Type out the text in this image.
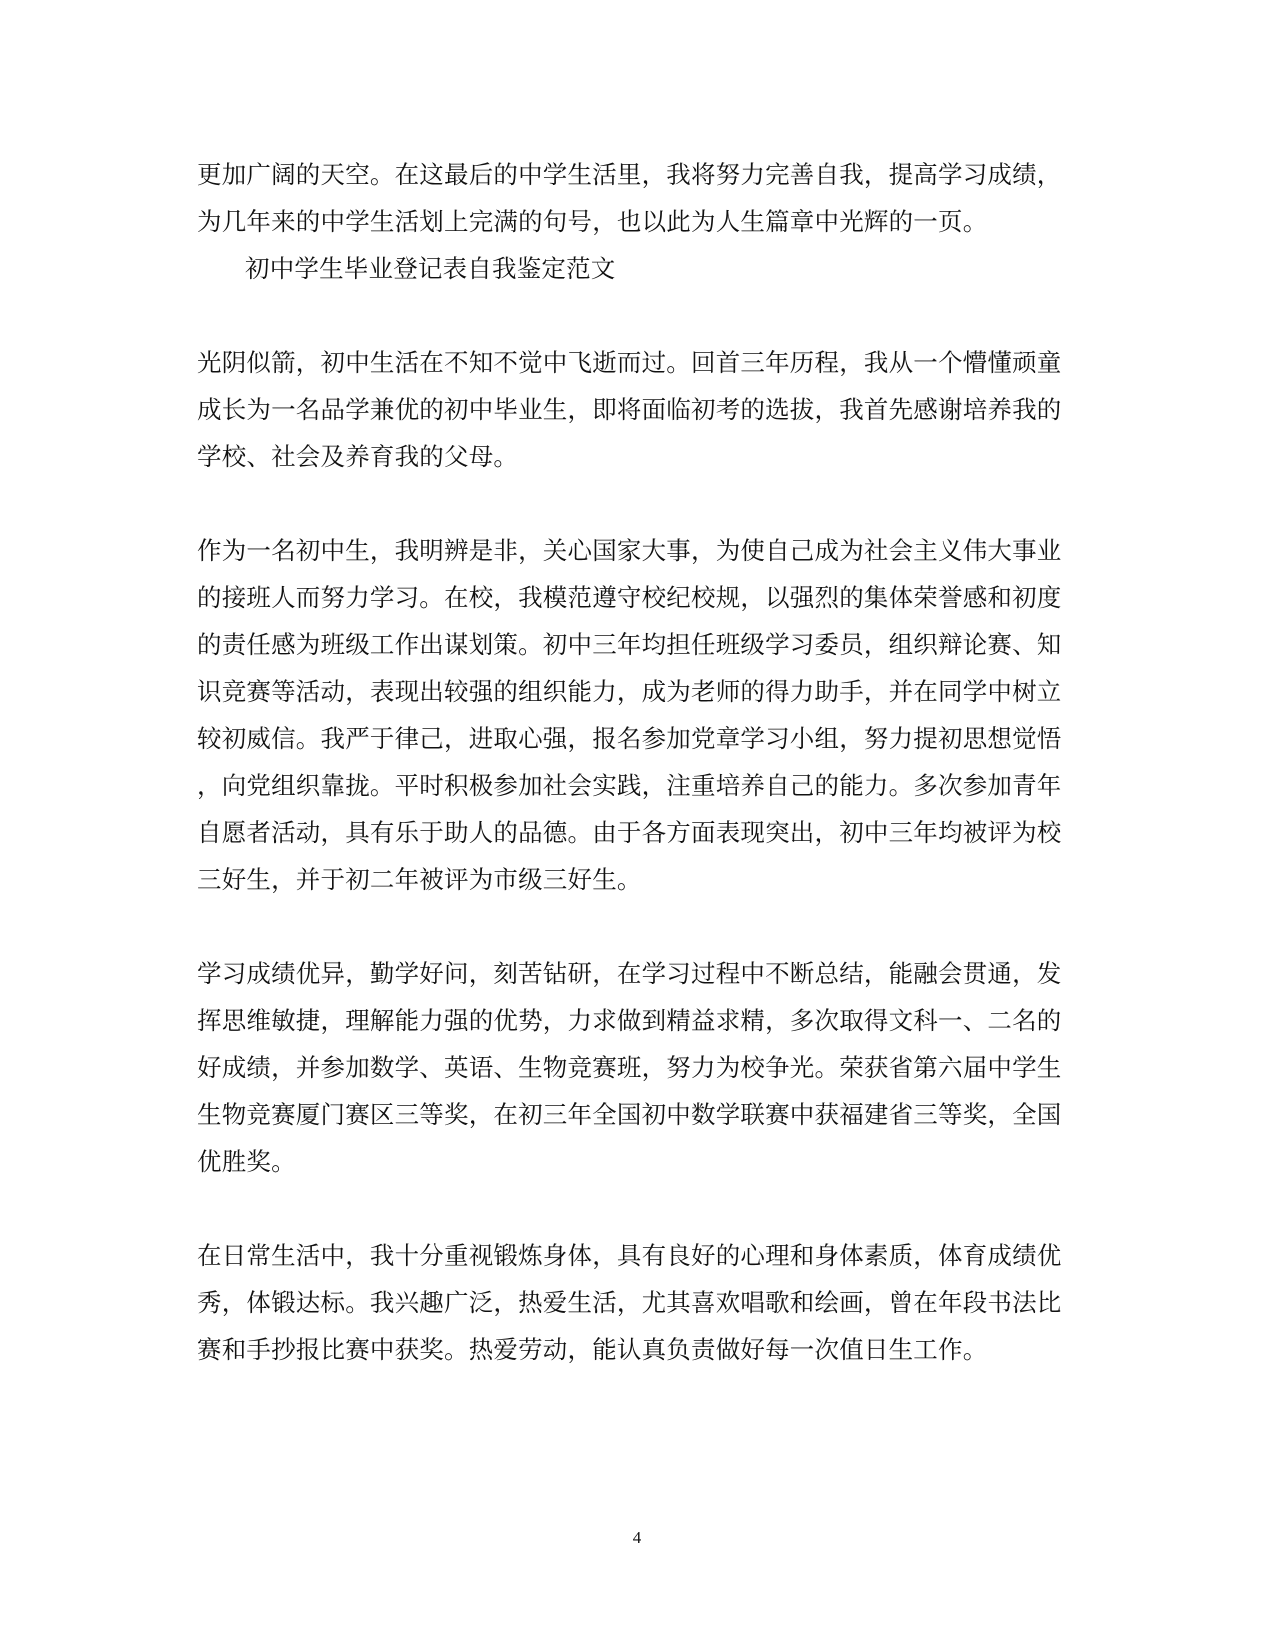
更加广阔的天空。在这最后的中学生活里，我将努力完善自我，提高学习成绩，
为几年来的中学生活划上完满的句号，也以此为人生篇章中光辉的一页。
初中学生毕业登记表自我鉴定范文
光阴似箭，初中生活在不知不觉中飞逝而过。回首三年历程，我从一个懵懂顽童
成长为一名品学兼优的初中毕业生，即将面临初考的选拔，我首先感谢培养我的
学校、社会及养育我的父母。
作为一名初中生，我明辨是非，关心国家大事，为使自己成为社会主义伟大事业
的接班人而努力学习。在校，我模范遵守校纪校规，以强烈的集体荣誉感和初度
的责任感为班级工作出谋划策。初中三年均担任班级学习委员，组织辩论赛、知
识竞赛等活动，表现出较强的组织能力，成为老师的得力助手，并在同学中树立
较初威信。我严于律己，进取心强，报名参加党章学习小组，努力提初思想觉悟
，向党组织靠拢。平时积极参加社会实践，注重培养自己的能力。多次参加青年
自愿者活动，具有乐于助人的品德。由于各方面表现突出，初中三年均被评为校
三好生，并于初二年被评为市级三好生。
学习成绩优异，勤学好问，刻苦钻研，在学习过程中不断总结，能融会贯通，发
挥思维敏捷，理解能力强的优势，力求做到精益求精，多次取得文科一、二名的
好成绩，并参加数学、英语、生物竞赛班，努力为校争光。荣获省第六届中学生
生物竞赛厦门赛区三等奖，在初三年全国初中数学联赛中获福建省三等奖，全国
优胜奖。
在日常生活中，我十分重视锻炼身体，具有良好的心理和身体素质，体育成绩优
秀，体锻达标。我兴趣广泛，热爱生活，尤其喜欢唱歌和绘画，曾在年段书法比
赛和手抄报比赛中获奖。热爱劳动，能认真负责做好每一次值日生工作。
4
